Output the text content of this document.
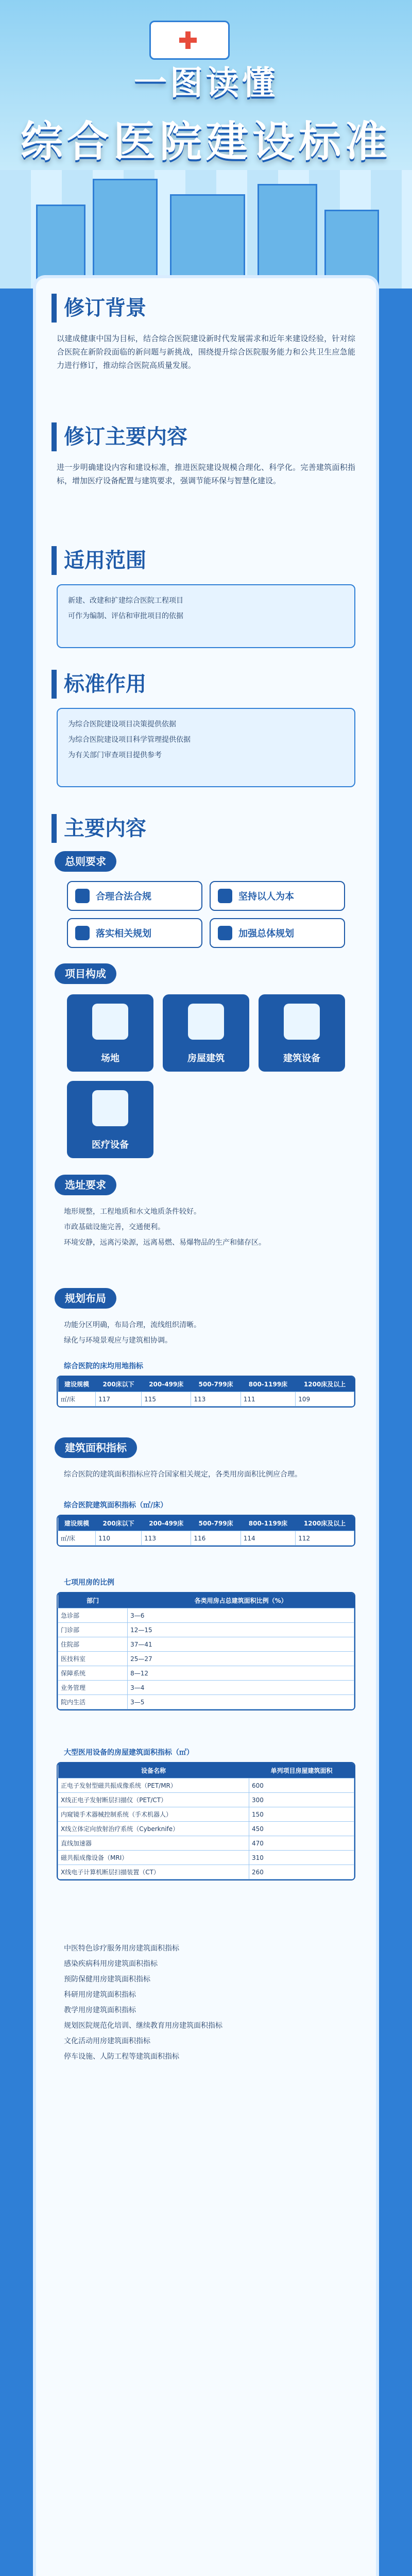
一图读懂
综合医院建设标准
修订背景
以建成健康中国为目标，结合综合医院建设新时代发展需求和近年来建设经验，针对综合医院在新阶段面临的新问题与新挑战，围绕提升综合医院服务能力和公共卫生应急能力进行修订，推动综合医院高质量发展。
修订主要内容
进一步明确建设内容和建设标准，推进医院建设规模合理化、科学化。完善建筑面积指标，增加医疗设备配置与建筑要求，强调节能环保与智慧化建设。
适用范围
新建、改建和扩建综合医院工程项目
可作为编制、评估和审批项目的依据
标准作用
为综合医院建设项目决策提供依据
为综合医院建设项目科学管理提供依据
为有关部门审查项目提供参考
主要内容
总则要求
合理合法合规	坚持以人为本
落实相关规划	加强总体规划
项目构成
场地	房屋建筑	建筑设备
医疗设备
选址要求
地形规整，工程地质和水文地质条件较好。
市政基础设施完善，交通便利。
环境安静，远离污染源，远离易燃、易爆物品的生产和储存区。
规划布局
功能分区明确，布局合理，流线组织清晰。
绿化与环境景观应与建筑相协调。
综合医院的床均用地指标
建设规模	200床以下	200-499床	500-799床	800-1199床	1200床及以上
㎡/床	117	115	113	111	109
建筑面积指标
综合医院的建筑面积指标应符合国家相关规定，各类用房面积比例应合理。
综合医院建筑面积指标（㎡/床）
建设规模	200床以下	200-499床	500-799床	800-1199床	1200床及以上
㎡/床	110	113	116	114	112
七项用房的比例
部门	各类用房占总建筑面积比例（%）
急诊部	3—6
门诊部	12—15
住院部	37—41
医技科室	25—27
保障系统	8—12
业务管理	3—4
院内生活	3—5
大型医用设备的房屋建筑面积指标（㎡）
设备名称	单列项目房屋建筑面积
正电子发射型磁共振成像系统（PET/MR）	600
X线正电子发射断层扫描仪（PET/CT）	300
内窥镜手术器械控制系统（手术机器人）	150
X线立体定向放射治疗系统（Cyberknife）	450
直线加速器	470
磁共振成像设备（MRI）	310
X线电子计算机断层扫描装置（CT）	260
中医特色诊疗服务用房建筑面积指标
感染疾病科用房建筑面积指标
预防保健用房建筑面积指标
科研用房建筑面积指标
教学用房建筑面积指标
规划医院规范化培训、继续教育用房建筑面积指标
文化活动用房建筑面积指标
停车设施、人防工程等建筑面积指标
